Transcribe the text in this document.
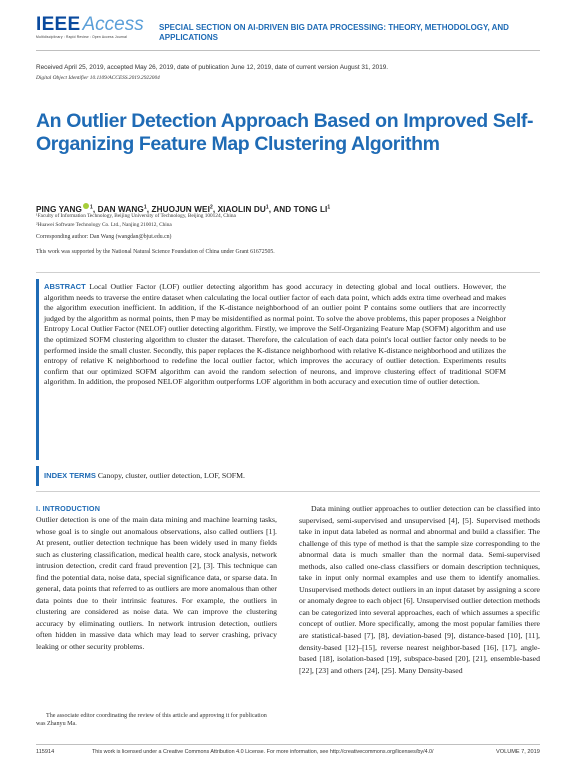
IEEE Access
Multidisciplinary : Rapid Review : Open Access Journal
SPECIAL SECTION ON AI-DRIVEN BIG DATA PROCESSING: THEORY, METHODOLOGY, AND APPLICATIONS
Received April 25, 2019, accepted May 26, 2019, date of publication June 12, 2019, date of current version August 31, 2019.
Digital Object Identifier 10.1109/ACCESS.2019.2922004
An Outlier Detection Approach Based on Improved Self-Organizing Feature Map Clustering Algorithm
PING YANG $^1$, DAN WANG$^1$, ZHUOJUN WEI$^2$, XIAOLIN $DU^1$, AND TONG $LI^1$
¹Faculty of Information Technology, Beijing University of Technology, Beijing 100124, China
²Huawei Software Technology Co. Ltd., Nanjing 210012, China
Corresponding author: Dan Wang (wangdan@bjut.edu.cn)
This work was supported by the National Natural Science Foundation of China under Grant 61672505.
ABSTRACT Local Outlier Factor (LOF) outlier detecting algorithm has good accuracy in detecting global and local outliers. However, the algorithm needs to traverse the entire dataset when calculating the local outlier factor of each data point, which adds extra time overhead and makes the algorithm execution inefficient. In addition, if the K-distance neighborhood of an outlier point P contains some outliers that are incorrectly judged by the algorithm as normal points, then P may be misidentified as normal point. To solve the above problems, this paper proposes a Neighbor Entropy Local Outlier Factor (NELOF) outlier detecting algorithm. Firstly, we improve the Self-Organizing Feature Map (SOFM) algorithm and use the optimized SOFM clustering algorithm to cluster the dataset. Therefore, the calculation of each data point's local outlier factor only needs to be performed inside the small cluster. Secondly, this paper replaces the K-distance neighborhood with relative K-distance neighborhood and utilizes the entropy of relative K neighborhood to redefine the local outlier factor, which improves the accuracy of outlier detection. Experiments results confirm that our optimized SOFM algorithm can avoid the random selection of neurons, and improve clustering effect of traditional SOFM algorithm. In addition, the proposed NELOF algorithm outperforms LOF algorithm in both accuracy and execution time of outlier detection.
INDEX TERMS Canopy, cluster, outlier detection, LOF, SOFM.
I. INTRODUCTION

Outlier detection is one of the main data mining and machine learning tasks, whose goal is to single out anomalous observations, also called outliers [1]. At present, outlier detection technique has been widely used in many fields such as clustering classification, medical health care, stock analysis, network intrusion detection, credit card fraud prevention [2], [3]. This technique can find the potential data, noise data, special significance data, or sparse data. In general, data points that referred to as outliers are more anomalous than other data points due to their intrinsic features. For example, the outliers in clustering are considered as noise data. We can improve the clustering accuracy by eliminating outliers. In network intrusion detection, outliers often hidden in massive data which may lead to server crashing, privacy leaking or other security problems.

Data mining outlier approaches to outlier detection can be classified into supervised, semi-supervised and unsupervised [4], [5]. Supervised methods take in input data labeled as normal and abnormal and build a classifier. The challenge of this type of method is that the sample size corresponding to the abnormal data is much smaller than the normal data. Semi-supervised methods, also called one-class classifiers or domain description techniques, take in input only normal examples and use them to identify anomalies. Unsupervised methods detect outliers in an input dataset by assigning a score or anomaly degree to each object [6]. Unsupervised outlier detection methods can be categorized into several approaches, each of which assumes a specific concept of outlier. More specifically, among the most popular families there are statistical-based [7], [8], deviation-based [9], distance-based [10], [11], density-based [12]–[15], reverse nearest neighbor-based [16], [17], angle-based [18], isolation-based [19], subspace-based [20], [21], ensemble-based [22], [23] and others [24], [25]. Many Density-based

The associate editor coordinating the review of this article and approving it for publication was Zhanyu Ma.
115914	This work is licensed under a Creative Commons Attribution 4.0 License. For more information, see http://creativecommons.org/licenses/by/4.0/	VOLUME 7, 2019
